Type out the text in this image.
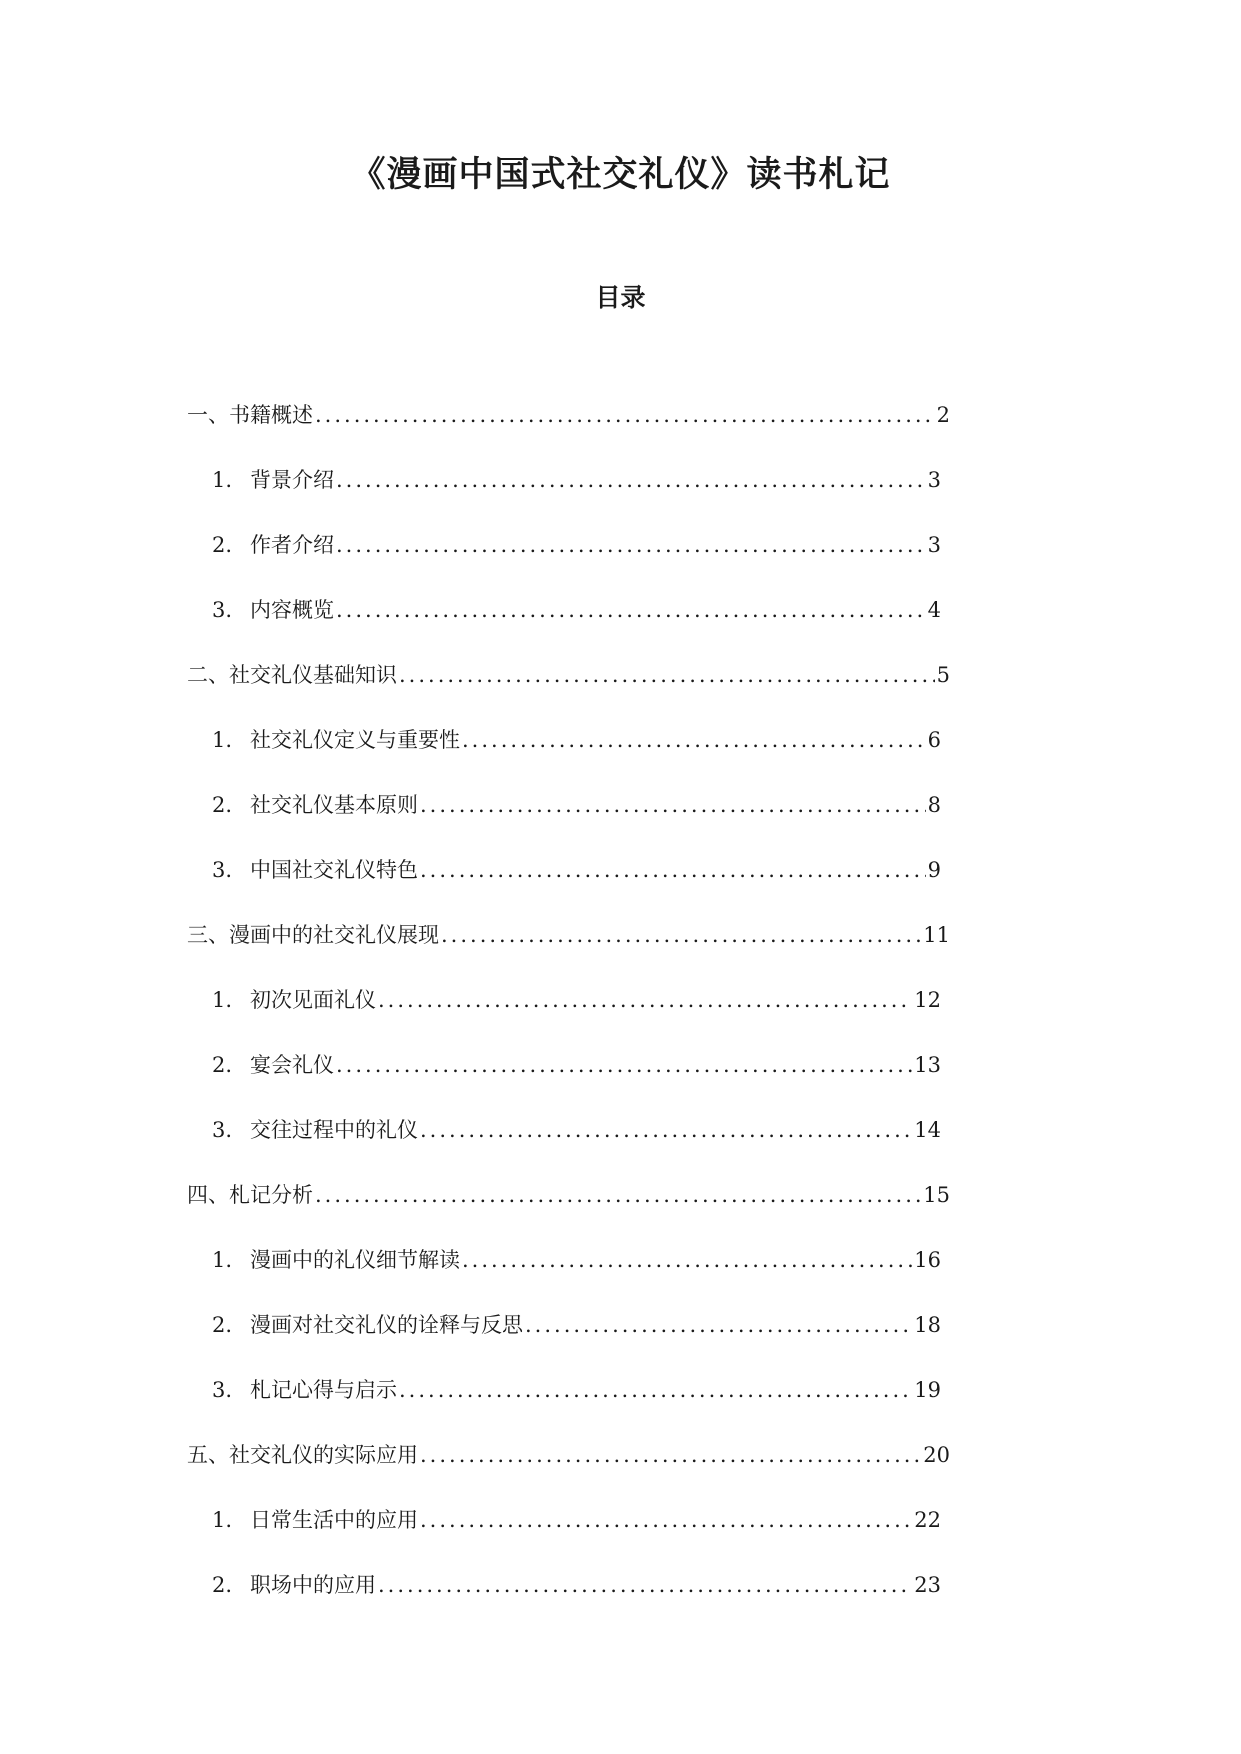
《漫画中国式社交礼仪》读书札记
目录
一、书籍概述 .....	2
1. 背景介绍 .....	3
2. 作者介绍 .....	3
3. 内容概览 .....	4
二、社交礼仪基础知识 .....	5
1. 社交礼仪定义与重要性 .....	6
2. 社交礼仪基本原则 .....	8
3. 中国社交礼仪特色 .....	9
三、漫画中的社交礼仪展现 .....	11
1. 初次见面礼仪 .....	12
2. 宴会礼仪 .....	13
3. 交往过程中的礼仪 .....	14
四、札记分析 .....	15
1. 漫画中的礼仪细节解读 .....	16
2. 漫画对社交礼仪的诠释与反思 .....	18
3. 札记心得与启示 .....	19
五、社交礼仪的实际应用 .....	20
1. 日常生活中的应用 .....	22
2. 职场中的应用 .....	23
